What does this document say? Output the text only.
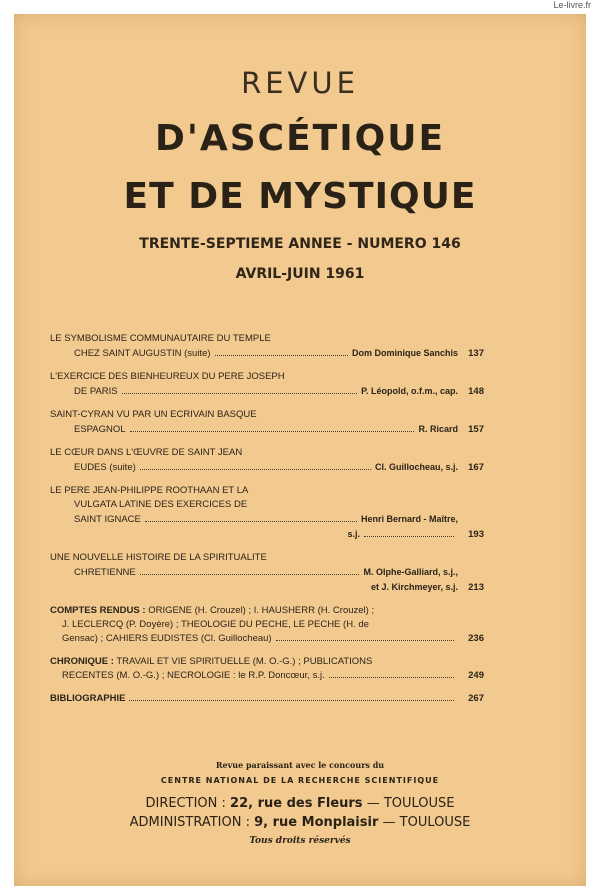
Le-livre.fr
REVUE
D'ASCÉTIQUE
ET DE MYSTIQUE
TRENTE-SEPTIEME ANNEE - NUMERO 146
AVRIL-JUIN 1961
LE SYMBOLISME COMMUNAUTAIRE DU TEMPLE
CHEZ SAINT AUGUSTIN (suite)	Dom Dominique Sanchis	137
L'EXERCICE DES BIENHEUREUX DU PERE JOSEPH
DE PARIS	P. Léopold, o.f.m., cap.	148
SAINT-CYRAN VU PAR UN ECRIVAIN BASQUE
ESPAGNOL	R. Ricard	157
LE CŒUR DANS L'ŒUVRE DE SAINT JEAN
EUDES (suite)	Cl. Guillocheau, s.j.	167
LE PERE JEAN-PHILIPPE ROOTHAAN ET LA
VULGATA LATINE DES EXERCICES DE
SAINT IGNACE	Henri Bernard - Maître,
s.j.	193
UNE NOUVELLE HISTOIRE DE LA SPIRITUALITE
CHRETIENNE	M. Olphe-Galliard, s.j.,
et J. Kirchmeyer, s.j.	213
COMPTES RENDUS : ORIGENE (H. Crouzel) ; I. HAUSHERR (H. Crouzel) ;
J. LECLERCQ (P. Doyère) ; THEOLOGIE DU PECHE, LE PECHE (H. de
Gensac) ; CAHIERS EUDISTES (Cl. Guillocheau)	236
CHRONIQUE : TRAVAIL ET VIE SPIRITUELLE (M. O.-G.) ; PUBLICATIONS
RECENTES (M. O.-G.) ; NECROLOGIE : le R.P. Doncœur, s.j.	249
BIBLIOGRAPHIE	267
Revue paraissant avec le concours du
CENTRE NATIONAL DE LA RECHERCHE SCIENTIFIQUE
DIRECTION : 22, rue des Fleurs — TOULOUSE
ADMINISTRATION : 9, rue Monplaisir — TOULOUSE
Tous droits réservés
